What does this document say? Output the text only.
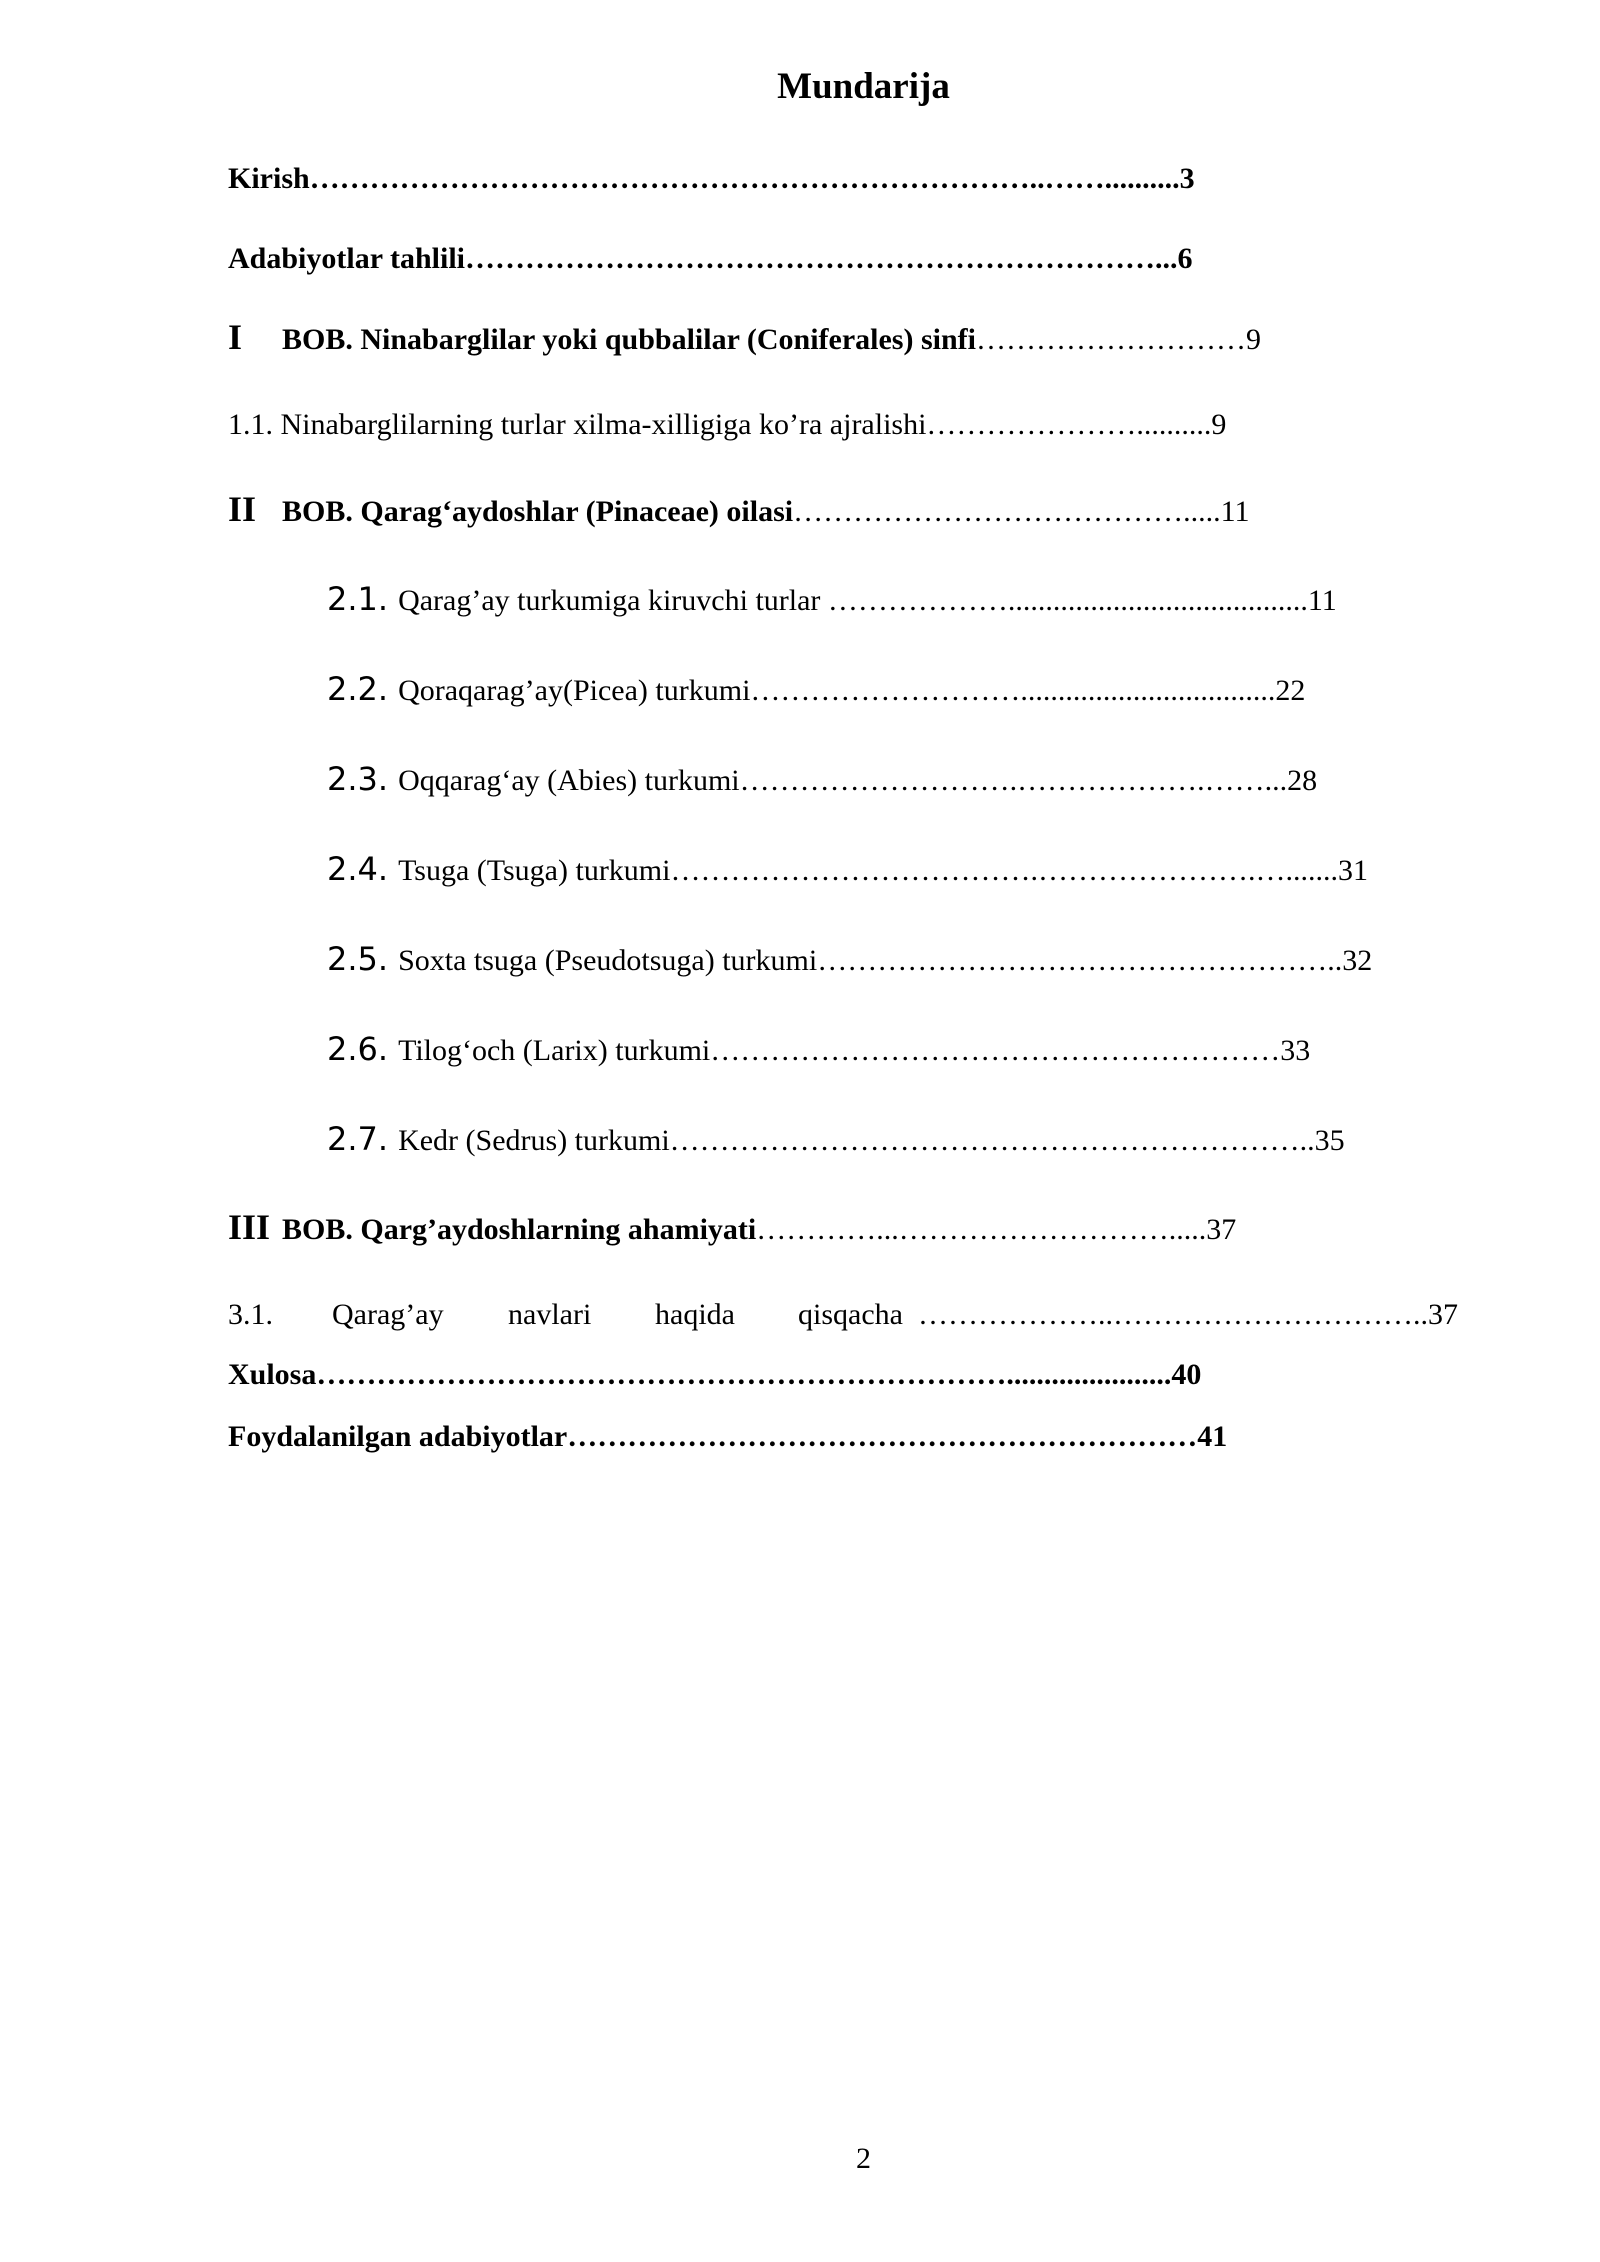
Mundarija
Kirish………………………………………………………………..……..........3
Adabiyotlar tahlili……………………………………………………………...6
I BOB. Ninabarglilar yoki qubbalilar (Coniferales) sinfi………………………9
1.1. Ninabarglilarning turlar xilma-xilligiga ko’ra ajralishi…………………..........9
II BOB. Qarag‘aydoshlar (Pinaceae) oilasi………………………………….....11
2.1. Qarag’ay turkumiga kiruvchi turlar ………………........................................11
2.2. Qoraqarag’ay(Picea) turkumi………………………..................................22
2.3. Oqqarag‘ay (Abies) turkumi……………………….……………….……...28
2.4. Tsuga (Tsuga) turkumi……………………………….………………….….......31
2.5. Soxta tsuga (Pseudotsuga) turkumi……………………………………………..32
2.6. Tilog‘och (Larix) turkumi…………………………………………………33
2.7. Kedr (Sedrus) turkumi………………………………………………………..35
III BOB. Qarg’aydoshlarning ahamiyati…………...……………………….....37
3.1. Qarag’ay navlari haqida qisqacha ………………..…………………………..37
Xulosa……………………………………………………………......................40
Foydalanilgan adabiyotlar………………………………………………………41
2
